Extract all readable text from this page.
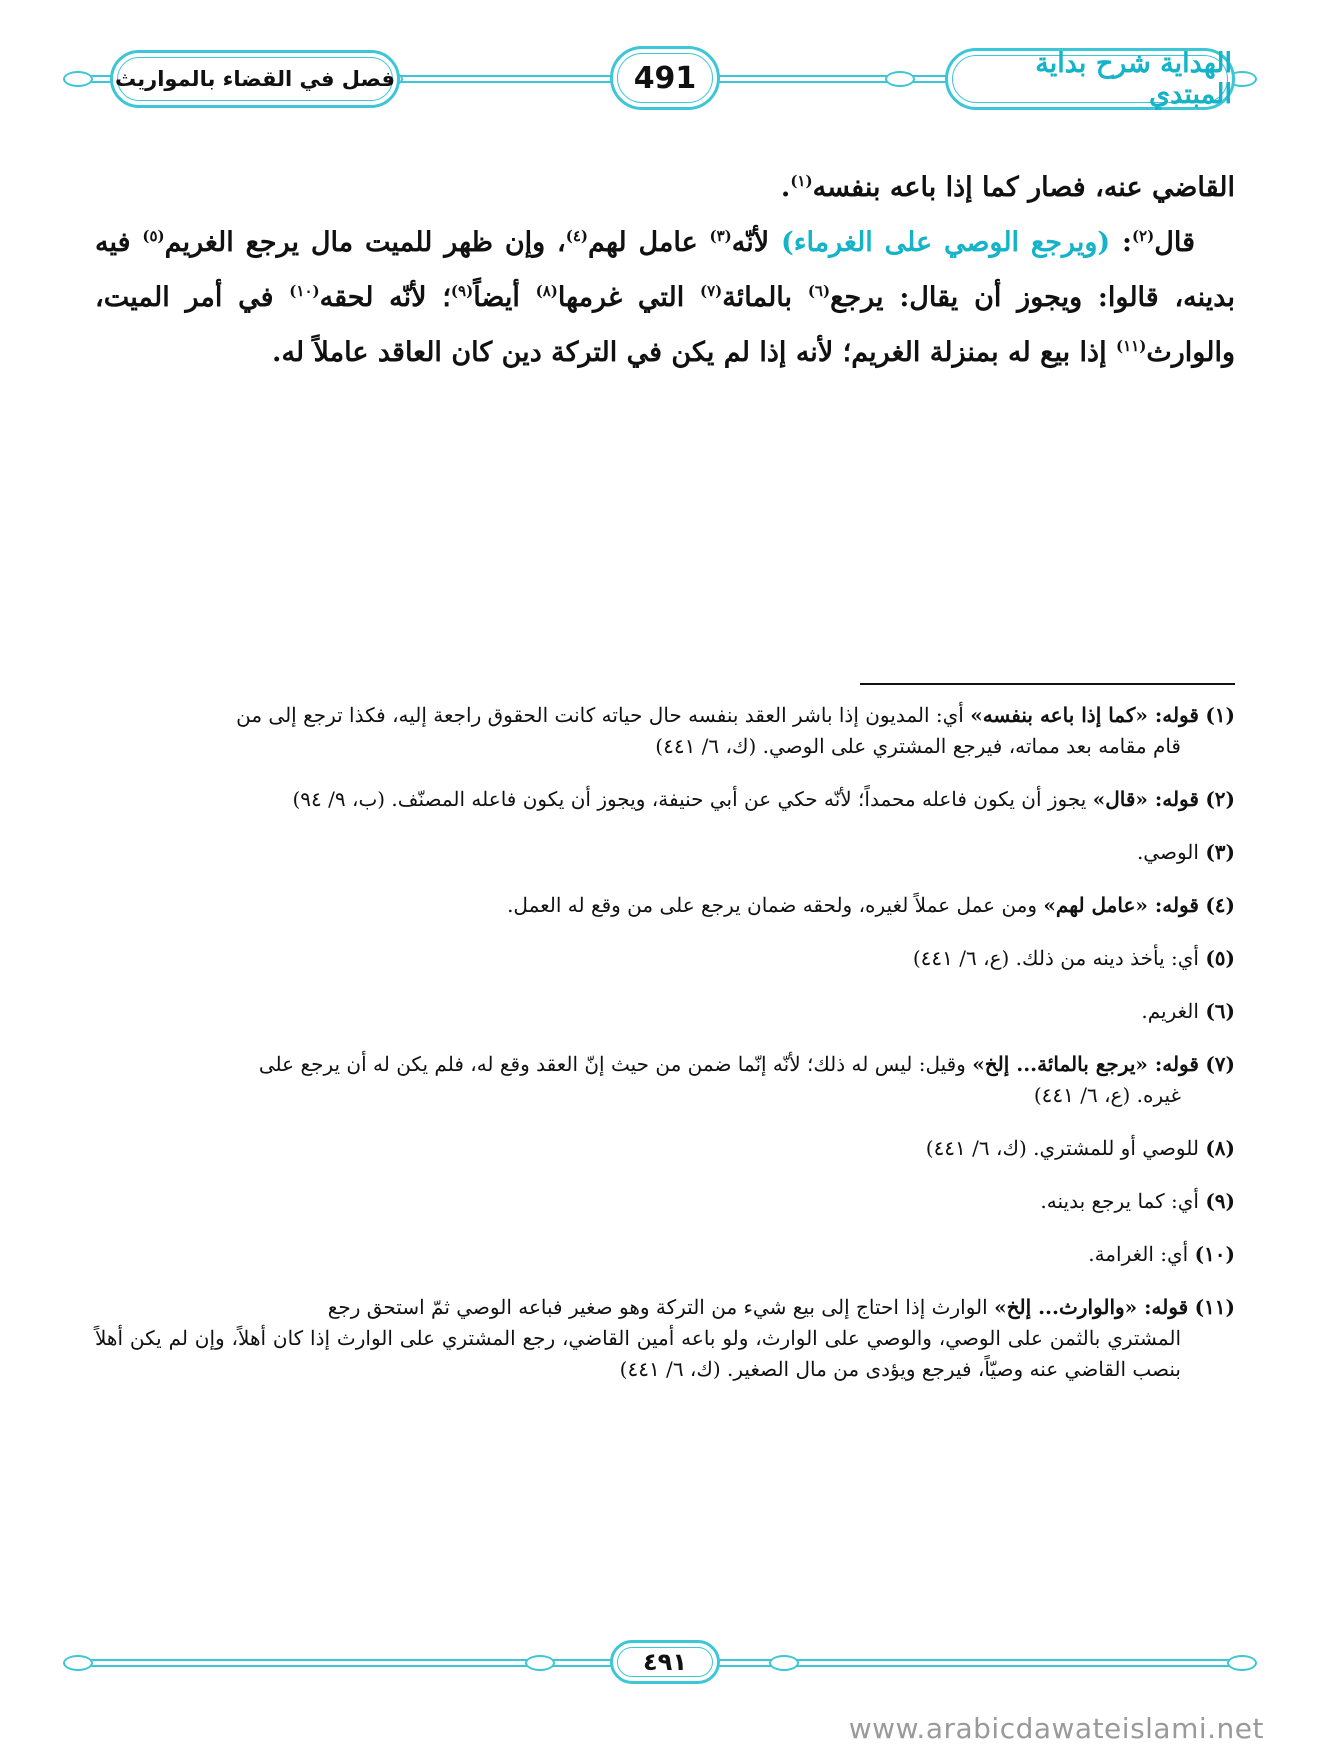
فصل في القضاء بالمواريث	491	الهداية شرح بداية المبتدي

القاضي عنه، فصار كما إذا باعه بنفسه$^{(١)}$.

قال$^{(٢)}$: (ويرجع الوصي على الغرماء) لأنّه$^{(٣)}$ عامل لهم$^{(٤)}$، وإن ظهر للميت مال يرجع الغريم$^{(٥)}$ فيه بدينه، قالوا: ويجوز أن يقال: يرجع$^{(٦)}$ بالمائة$^{(٧)}$ التي غرمها$^{(٨)}$ أيضاً$^{(٩)}$؛ لأنّه لحقه$^{(١٠)}$ في أمر الميت، والوارث$^{(١١)}$ إذا بيع له بمنزلة الغريم؛ لأنه إذا لم يكن في التركة دين كان العاقد عاملاً له.

(١) قوله: «كما إذا باعه بنفسه» أي: المديون إذا باشر العقد بنفسه حال حياته كانت الحقوق راجعة إليه، فكذا ترجع إلى من
قام مقامه بعد مماته، فيرجع المشتري على الوصي. (ك، ٦/ ٤٤١)
(٢) قوله: «قال» يجوز أن يكون فاعله محمداً؛ لأنّه حكي عن أبي حنيفة، ويجوز أن يكون فاعله المصنّف. (ب، ٩/ ٩٤)
(٣) الوصي.
(٤) قوله: «عامل لهم» ومن عمل عملاً لغيره، ولحقه ضمان يرجع على من وقع له العمل.
(٥) أي: يأخذ دينه من ذلك. (ع، ٦/ ٤٤١)
(٦) الغريم.
(٧) قوله: «يرجع بالمائة... إلخ» وقيل: ليس له ذلك؛ لأنّه إنّما ضمن من حيث إنّ العقد وقع له، فلم يكن له أن يرجع على
غيره. (ع، ٦/ ٤٤١)
(٨) للوصي أو للمشتري. (ك، ٦/ ٤٤١)
(٩) أي: كما يرجع بدينه.
(١٠) أي: الغرامة.
(١١) قوله: «والوارث... إلخ» الوارث إذا احتاج إلى بيع شيء من التركة وهو صغير فباعه الوصي ثمّ استحق رجع
المشتري بالثمن على الوصي، والوصي على الوارث، ولو باعه أمين القاضي، رجع المشتري على الوارث إذا كان أهلاً، وإن لم يكن أهلاً بنصب القاضي عنه وصيّاً، فيرجع ويؤدى من مال الصغير. (ك، ٦/ ٤٤١)
٤٩١
www.arabicdawateislami.net
